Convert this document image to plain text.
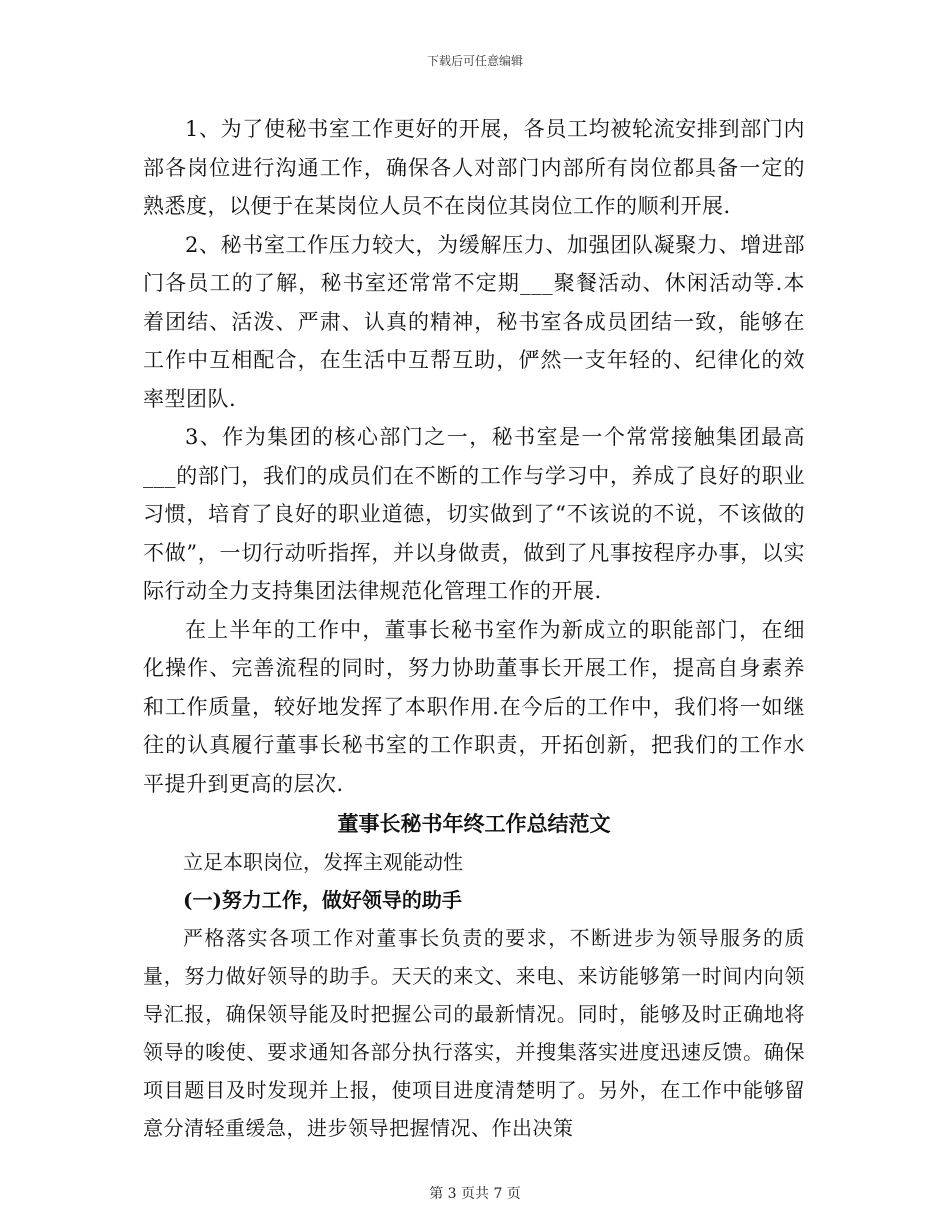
下载后可任意编辑

1、为了使秘书室工作更好的开展，各员工均被轮流安排到部门内部各岗位进行沟通工作，确保各人对部门内部所有岗位都具备一定的熟悉度，以便于在某岗位人员不在岗位其岗位工作的顺利开展.

2、秘书室工作压力较大，为缓解压力、加强团队凝聚力、增进部门各员工的了解，秘书室还常常不定期___聚餐活动、休闲活动等.本着团结、活泼、严肃、认真的精神，秘书室各成员团结一致，能够在工作中互相配合，在生活中互帮互助，俨然一支年轻的、纪律化的效率型团队.

3、作为集团的核心部门之一，秘书室是一个常常接触集团最高___的部门，我们的成员们在不断的工作与学习中，养成了良好的职业习惯，培育了良好的职业道德，切实做到了“不该说的不说，不该做的不做”，一切行动听指挥，并以身做责，做到了凡事按程序办事，以实际行动全力支持集团法律规范化管理工作的开展.

在上半年的工作中，董事长秘书室作为新成立的职能部门，在细化操作、完善流程的同时，努力协助董事长开展工作，提高自身素养和工作质量，较好地发挥了本职作用.在今后的工作中，我们将一如继往的认真履行董事长秘书室的工作职责，开拓创新，把我们的工作水平提升到更高的层次.

董事长秘书年终工作总结范文

立足本职岗位，发挥主观能动性

(一)努力工作，做好领导的助手

严格落实各项工作对董事长负责的要求，不断进步为领导服务的质量，努力做好领导的助手。天天的来文、来电、来访能够第一时间内向领导汇报，确保领导能及时把握公司的最新情况。同时，能够及时正确地将领导的唆使、要求通知各部分执行落实，并搜集落实进度迅速反馈。确保项目题目及时发现并上报，使项目进度清楚明了。另外，在工作中能够留意分清轻重缓急，进步领导把握情况、作出决策

第 3 页共 7 页
